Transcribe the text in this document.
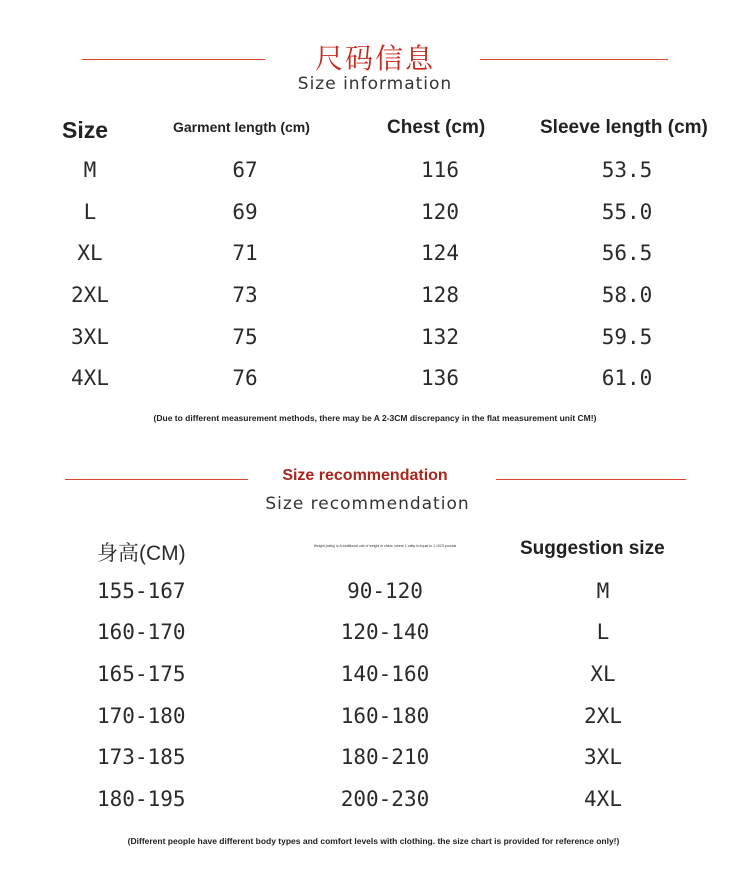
尺码信息
Size information
Size	Garment length (cm)	Chest (cm)	Sleeve length (cm)
M	67	116	53.5
L	69	120	55.0
XL	71	124	56.5
2XL	73	128	58.0
3XL	75	132	59.5
4XL	76	136	61.0
(Due to different measurement methods, there may be A 2-3CM discrepancy in the flat measurement unit CM!)
Size recommendation
Size recommendation
身高(CM)	Weight (catty) is A traditional unit of weight in china, where 1 catty is equal to 1.1023 pounds	Suggestion size
155-167	90-120	M
160-170	120-140	L
165-175	140-160	XL
170-180	160-180	2XL
173-185	180-210	3XL
180-195	200-230	4XL
(Different people have different body types and comfort levels with clothing. the size chart is provided for reference only!)
